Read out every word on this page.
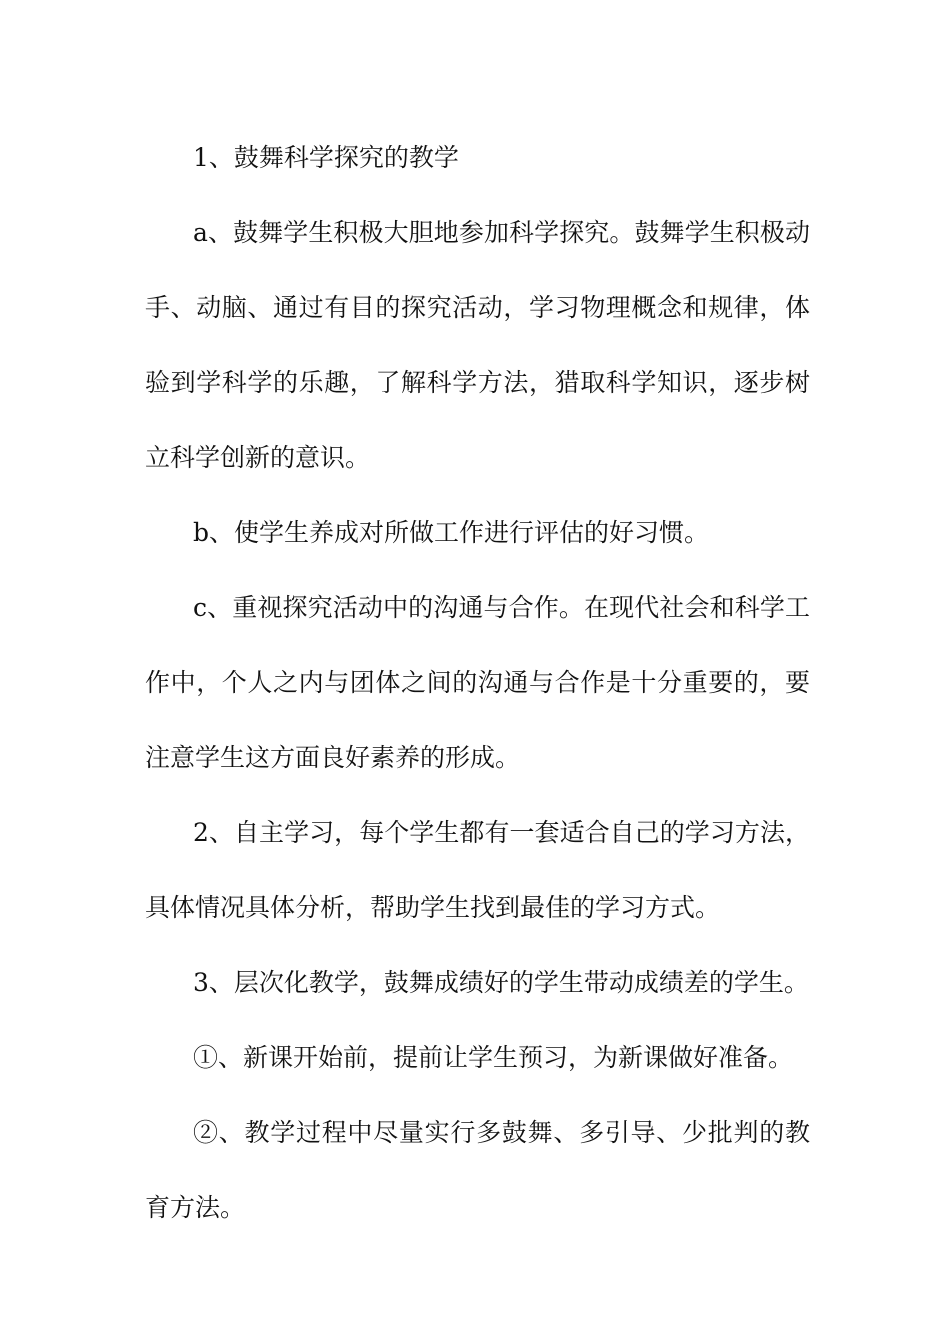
1、鼓舞科学探究的教学

a、鼓舞学生积极大胆地参加科学探究。鼓舞学生积极动手、动脑、通过有目的探究活动，学习物理概念和规律，体验到学科学的乐趣，了解科学方法，猎取科学知识，逐步树立科学创新的意识。

b、使学生养成对所做工作进行评估的好习惯。

c、重视探究活动中的沟通与合作。在现代社会和科学工作中，个人之内与团体之间的沟通与合作是十分重要的，要注意学生这方面良好素养的形成。

2、自主学习，每个学生都有一套适合自己的学习方法，具体情况具体分析，帮助学生找到最佳的学习方式。

3、层次化教学，鼓舞成绩好的学生带动成绩差的学生。

①、新课开始前，提前让学生预习，为新课做好准备。

②、教学过程中尽量实行多鼓舞、多引导、少批判的教育方法。
